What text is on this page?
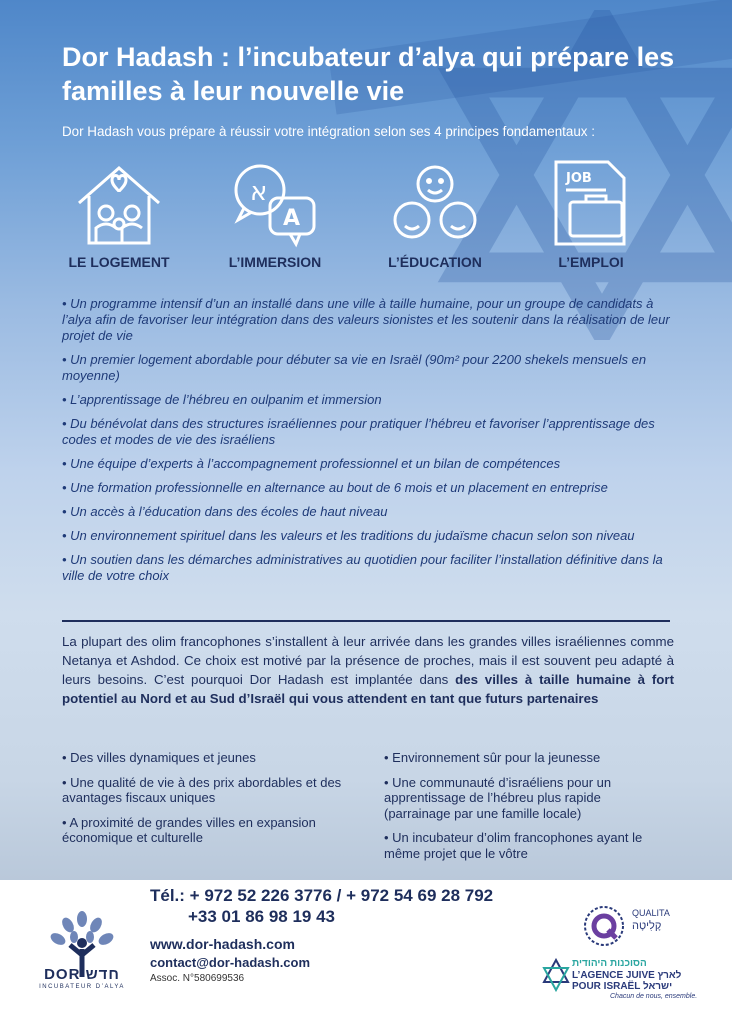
Dor Hadash : l’incubateur d’alya qui prépare les familles à leur nouvelle vie
Dor Hadash vous prépare à réussir votre intégration selon ses 4 principes fondamentaux :
LE LOGEMENT
א
A
L’IMMERSION	L’ÉDUCATION
JOB
L’EMPLOI

• Un programme intensif d’un an installé dans une ville à taille humaine, pour un groupe de candidats à l’alya afin de favoriser leur intégration dans des valeurs sionistes et les soutenir dans la réalisation de leur projet de vie

• Un premier logement abordable pour débuter sa vie en Israël (90m² pour 2200 shekels mensuels en moyenne)

• L’apprentissage de l’hébreu en oulpanim et immersion

• Du bénévolat dans des structures israéliennes pour pratiquer l’hébreu et favoriser l’apprentissage des codes et modes de vie des israéliens

• Une équipe d’experts à l’accompagnement professionnel et un bilan de compétences

• Une formation professionnelle en alternance au bout de 6 mois et un placement en entreprise

• Un accès à l’éducation dans des écoles de haut niveau

• Un environnement spirituel dans les valeurs et les traditions du judaïsme chacun selon son niveau

• Un soutien dans les démarches administratives au quotidien pour faciliter l’installation définitive dans la ville de votre choix

La plupart des olim francophones s’installent à leur arrivée dans les grandes villes israéliennes comme Netanya et Ashdod. Ce choix est motivé par la présence de proches, mais il est souvent peu adapté à leurs besoins. C’est pourquoi Dor Hadash est implantée dans des villes à taille humaine à fort potentiel au Nord et au Sud d’Israël qui vous attendent en tant que futurs partenaires

• Des villes dynamiques et jeunes

• Une qualité de vie à des prix abordables et des avantages fiscaux uniques

• A proximité de grandes villes en expansion économique et culturelle

• Environnement sûr pour la jeunesse

• Une communauté d’israéliens pour un apprentissage de l’hébreu plus rapide (parrainage par une famille locale)

• Un incubateur d’olim francophones ayant le même projet que le vôtre

DOR חדש
INCUBATEUR D’ALYA
Tél.: + 972 52 226 3776 / + 972 54 69 28 792
+33 01 86 98 19 43
www.dor-hadash.com
contact@dor-hadash.com
Assoc. N°580699536
QUALITA
קָלִיטָה
הסוכנות היהודית
L’AGENCE JUIVE לארץ
POUR ISRAËL ישראל
Chacun de nous, ensemble.
